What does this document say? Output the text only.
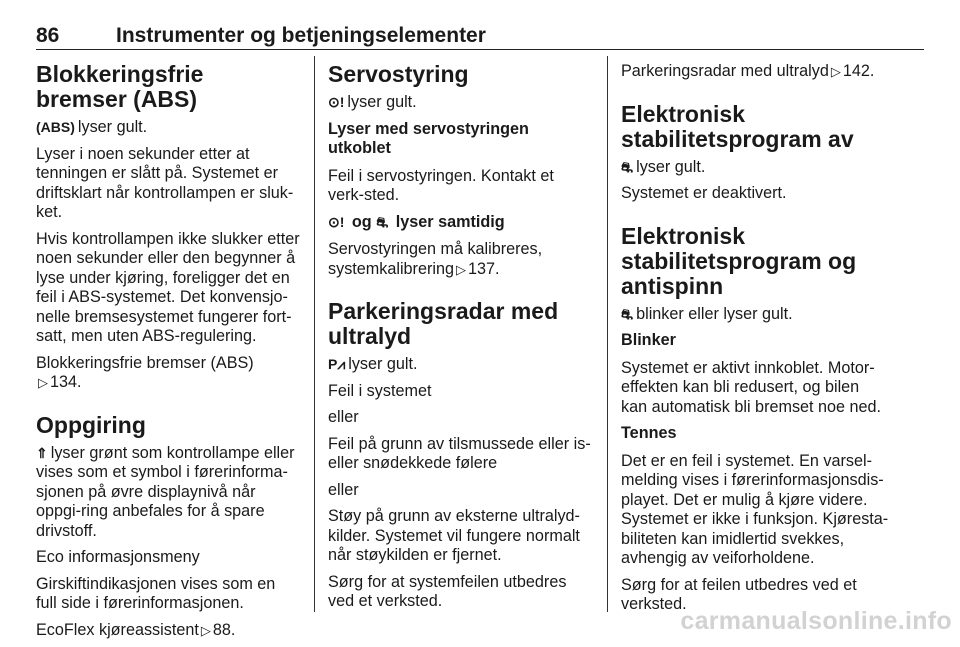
86	Instrumenter og betjeningselementer
Blokkeringsfrie bremser (ABS)

(ABS) lyser gult.

Lyser i noen sekunder etter at tenningen er slått på. Systemet er driftsklart når kontrollampen er sluk-ket.

Hvis kontrollampen ikke slukker etter noen sekunder eller den begynner å lyse under kjøring, foreligger det en feil i ABS-systemet. Det konvensjo-nelle bremsesystemet fungerer fort-satt, men uten ABS-regulering.

Blokkeringsfrie bremser (ABS)
▷ 134.

Oppgiring

⇑ lyser grønt som kontrollampe eller vises som et symbol i førerinforma-sjonen på øvre displaynivå når oppgi-ring anbefales for å spare drivstoff.

Eco informasjonsmeny

Girskiftindikasjonen vises som en full side i førerinformasjonen.

EcoFlex kjøreassistent ▷ 88.

Servostyring

⊙! lyser gult.

Lyser med servostyringen utkoblet

Feil i servostyringen. Kontakt et verk-sted.

⊙! og ⛐ lyser samtidig

Servostyringen må kalibreres, systemkalibrering ▷ 137.

Parkeringsradar med ultralyd

P⩘ lyser gult.

Feil i systemet

eller

Feil på grunn av tilsmussede eller is- eller snødekkede følere

eller

Støy på grunn av eksterne ultralyd-kilder. Systemet vil fungere normalt når støykilden er fjernet.

Sørg for at systemfeilen utbedres ved et verksted.

Parkeringsradar med ultralyd ▷ 142.

Elektronisk stabilitetsprogram av

⛐ lyser gult.

Systemet er deaktivert.

Elektronisk stabilitetsprogram og antispinn

⛐ blinker eller lyser gult.

Blinker

Systemet er aktivt innkoblet. Motor-effekten kan bli redusert, og bilen kan automatisk bli bremset noe ned.

Tennes

Det er en feil i systemet. En varsel-melding vises i førerinformasjonsdis-playet. Det er mulig å kjøre videre. Systemet er ikke i funksjon. Kjøresta-biliteten kan imidlertid svekkes, avhengig av veiforholdene.

Sørg for at feilen utbedres ved et verksted.

carmanualsonline.info
